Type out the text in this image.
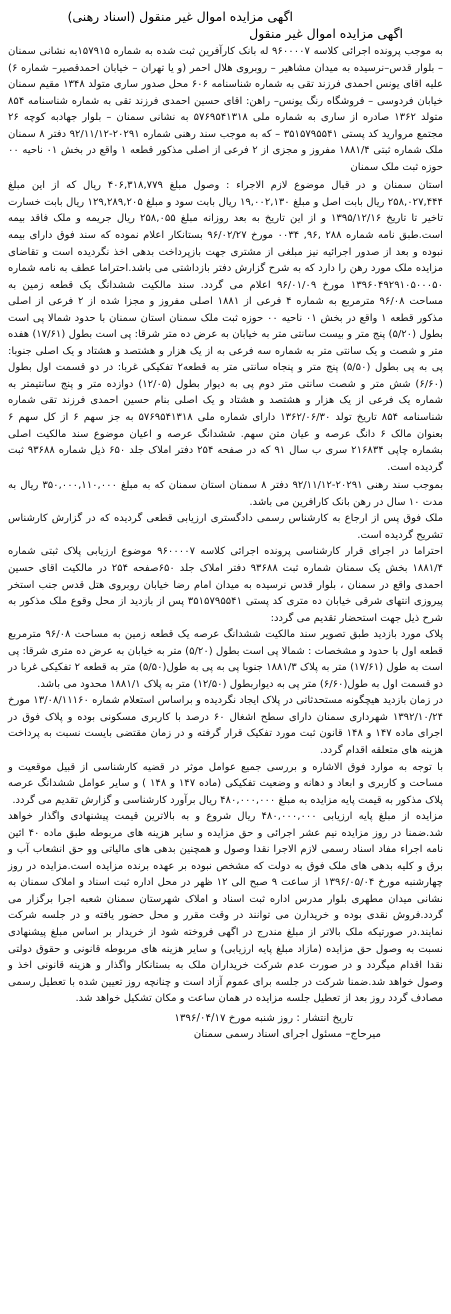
اگهی مزایده اموال غیر منقول (اسناد رهنی)
اگهی مزایده اموال غیر منقول

به موجب پرونده اجرائی کلاسه ۹۶۰۰۰۰۷ له بانک کارآفرین ثبت شده به شماره ۱۵۷۹۱۵به نشانی سمنان – بلوار قدس–نرسیده به میدان مشاهیر – روبروی هلال احمر (و یا تهران – خیابان احمدقصیر– شماره ۶) علیه اقای یونس احمدی فرزند تقی به شماره شناسنامه ۶۰۶ محل صدور ساری متولد ۱۳۴۸ مقیم سمنان خیابان فردوسی – فروشگاه رنگ یونس– راهن: اقای حسین احمدی فرزند تقی به شماره شناسنامه ۸۵۴ متولد ۱۳۶۲ صادره از ساری به شماره ملی ۵۷۶۹۵۴۱۳۱۸ به نشانی سمنان – بلوار جهادبه کوچه ۲۶ مجتمع مروارید کد پستی ۳۵۱۵۷۹۵۵۴۱ – که به موجب سند رهنی شماره ۲۰۲۹۱-۹۲/۱۱/۱۲ دفتر ۸ سمنان ملک شماره ثبتی ۱۸۸۱/۴ مفروز و مجزی از ۲ فرعی از اصلی مذکور قطعه ۱ واقع در بخش ۰۱ ناحیه ۰۰ حوزه ثبت ملک سمنان

استان سمنان و در قبال موضوع لازم الاجراء : وصول مبلغ ۴۰۶,۳۱۸,۷۷۹ ریال که از این مبلغ ۲۵۸,۰۲۷,۴۴۴ ریال بابت اصل و مبلغ ۱۹,۰۰۲,۱۳۰ ریال بابت سود و مبلغ ۱۲۹,۲۸۹,۲۰۵ ریال بابت خسارت تاخیر تا تاریخ ۱۳۹۵/۱۲/۱۶ و از این تاریخ به بعد روزانه مبلغ ۲۵۸,۰۵۵ ریال جریمه و ملک فاقد بیمه است.طبق نامه شماره ۲۸۸ ,۹۶, ۰۰۳۴ مورخ ۹۶/۰۲/۲۷ بستانکار اعلام نموده که سند فوق دارای بیمه نبوده و بعد از صدور اجرائیه نیز مبلغی از مشتری جهت بازپرداخت بدهی اخذ نگردیده است و تقاضای مزایده ملک مورد رهن را دارد که به شرح گزارش دفتر بازداشتی می باشد.احتراما عطف به نامه شماره ۱۳۹۶۰۴۹۲۹۱۰۵۰۰۰۵۰ مورخ ۹۶/۰۱/۰۹ اعلام می گردد. سند مالکیت ششدانگ یک قطعه زمین به مساحت ۹۶/۰۸ مترمربع به شماره ۴ فرعی از ۱۸۸۱ اصلی مفروز و مجزا شده از ۲ فرعی از اصلی مذکور قطعه ۱ واقع در بخش ۰۱ ناحیه ۰۰ حوزه ثبت ملک سمنان استان سمنان با حدود شمالا پی است بطول (۵/۲۰) پنج متر و بیست سانتی متر به خیابان به عرض ده متر شرقا: پی است بطول (۱۷/۶۱) هفده متر و شصت و یک سانتی متر به شماره سه فرعی به از یک هزار و هشتصد و هشتاد و یک اصلی جنوبا: پی به پی بطول (۵/۵۰) پنج متر و پنجاه سانتی متر به قطعه۲ تفکیکی غربا: در دو قسمت اول بطول (۶/۶۰) شش متر و شصت سانتی متر دوم پی به دیوار بطول (۱۲/۰۵) دوازده متر و پنج سانتیمتر به شماره یک فرعی از یک هزار و هشتصد و هشتاد و یک اصلی بنام حسین احمدی فرزند تقی شماره شناسنامه ۸۵۴ تاریخ تولد ۱۳۶۲/۰۶/۳۰ دارای شماره ملی ۵۷۶۹۵۴۱۳۱۸ به جز سهم ۶ از کل سهم ۶ بعنوان مالک ۶ دانگ عرصه و عیان متن سهم. ششدانگ عرصه و اعیان موضوع سند مالکیت اصلی بشماره چاپی ۲۱۶۸۳۴ سری ب سال ۹۱ که در صفحه ۲۵۴ دفتر املاک جلد ۶۵۰ ذیل شماره ۹۳۶۸۸ ثبت گردیده است.

بموجب سند رهنی ۲۰۲۹۱-۹۲/۱۱/۱۲ دفتر ۸ سمنان استان سمنان که به مبلغ ۳۵۰,۰۰۰,۱۱۰,۰۰۰ ریال به مدت ۱۰ سال در رهن بانک کارافرین می باشد.

ملک فوق پس از ارجاع به کارشناس رسمی دادگستری ارزیابی قطعی گردیده که در گزارش کارشناس تشریح گردیده است.

احتراما در اجرای قرار کارشناسی پرونده اجرائی کلاسه ۹۶۰۰۰۰۷ موضوع ارزیابی پلاک ثبتی شماره ۱۸۸۱/۴ بخش یک سمنان شماره ثبت ۹۳۶۸۸ دفتر املاک جلد ۶۵۰صفحه ۲۵۴ در مالکیت اقای حسین احمدی واقع در سمنان ، بلوار قدس نرسیده به میدان امام رضا خیابان روبروی هتل قدس جنب استخر پیروزی انتهای شرقی خیابان ده متری کد پستی ۳۵۱۵۷۹۵۵۴۱ پس از بازدید از محل وقوع ملک مذکور به شرح ذیل جهت استحضار تقدیم می گردد:

پلاک مورد بازدید طبق تصویر سند مالکیت ششدانگ عرصه یک قطعه زمین به مساحت ۹۶/۰۸ مترمربع قطعه اول با حدود و مشخصات : شمالا پی است بطول (۵/۲۰) متر به خیابان به عرض ده متری شرقا: پی است به طول (۱۷/۶۱) متر به پلاک ۱۸۸۱/۳ جنوبا پی به پی به طول(۵/۵۰) متر به قطعه ۲ تفکیکی غربا در دو قسمت اول به طول(۶/۶۰) متر پی به دیواربطول (۱۲/۵۰) متر به پلاک ۱۸۸۱/۱ محدود می باشد.

در زمان بازدید هیچگونه مستحدثاتی در پلاک ایجاد نگردیده و براساس استعلام شماره ۱۳/۰۸/۱۱۱۶۰ مورخ ۱۳۹۲/۱۰/۲۴ شهرداری سمنان دارای سطح اشغال ۶۰ درصد با کاربری مسکونی بوده و پلاک فوق در اجرای ماده ۱۴۷ و ۱۴۸ قانون ثبت مورد تفکیک قرار گرفته و در زمان مقتضی بایست نسبت به پرداخت هزینه های متعلقه اقدام گردد.

با توجه به موارد فوق الاشاره و بررسی جمیع عوامل موثر در قضیه کارشناسی از قبیل موقعیت و مساحت و کاربری و ابعاد و دهانه و وضعیت تفکیکی (ماده ۱۴۷ و ۱۴۸ ) و سایر عوامل ششدانگ عرصه پلاک مذکور به قیمت پایه مزایده به مبلغ ۴۸۰,۰۰۰,۰۰۰ ریال برآورد کارشناسی و گزارش تقدیم می گردد.

مزایده از مبلغ پایه ارزیابی ۴۸۰,۰۰۰,۰۰۰ ریال شروع و به بالاترین قیمت پیشنهادی واگذار خواهد شد.ضمنا در روز مزایده نیم عشر اجرائی و حق مزایده و سایر هزینه های مربوطه طبق ماده ۴۰ ائین نامه اجراء مفاد اسناد رسمی لازم الاجرا نقدا وصول و همچنین بدهی های مالیاتی وو حق انشعاب آب و برق و کلیه بدهی های ملک فوق به دولت که مشخص نبوده بر عهده برنده مزایده است.مزایده در روز چهارشنبه مورخ ۱۳۹۶/۰۵/۰۴ از ساعت ۹ صبح الی ۱۲ ظهر در محل اداره ثبت اسناد و املاک سمنان به نشانی میدان مطهری بلوار مدرس اداره ثبت اسناد و املاک شهرستان سمنان شعبه اجرا برگزار می گردد.فروش نقدی بوده و خریدارن می توانند در وقت مقرر و محل حضور یافته و در جلسه شرکت نمایند.در صورتیکه ملک بالاتر از مبلغ مندرج در اگهی فروخته شود از خریدار بر اساس مبلغ پیشنهادی نسبت به وصول حق مزایده (مازاد مبلغ پایه ارزیابی) و سایر هزینه های مربوطه قانونی و حقوق دولتی نقدا اقدام میگردد و در صورت عدم شرکت خریداران ملک به بستانکار واگذار و هزینه قانونی اخذ و وصول خواهد شد.ضمنا شرکت در جلسه برای عموم آزاد است و چنانچه روز تعیین شده با تعطیل رسمی مصادف گردد روز بعد از تعطیل جلسه مزایده در همان ساعت و مکان تشکیل خواهد شد.

تاریخ انتشار : روز شنبه مورخ ۱۳۹۶/۰۴/۱۷

میرحاج– مسئول اجرای اسناد رسمی سمنان
